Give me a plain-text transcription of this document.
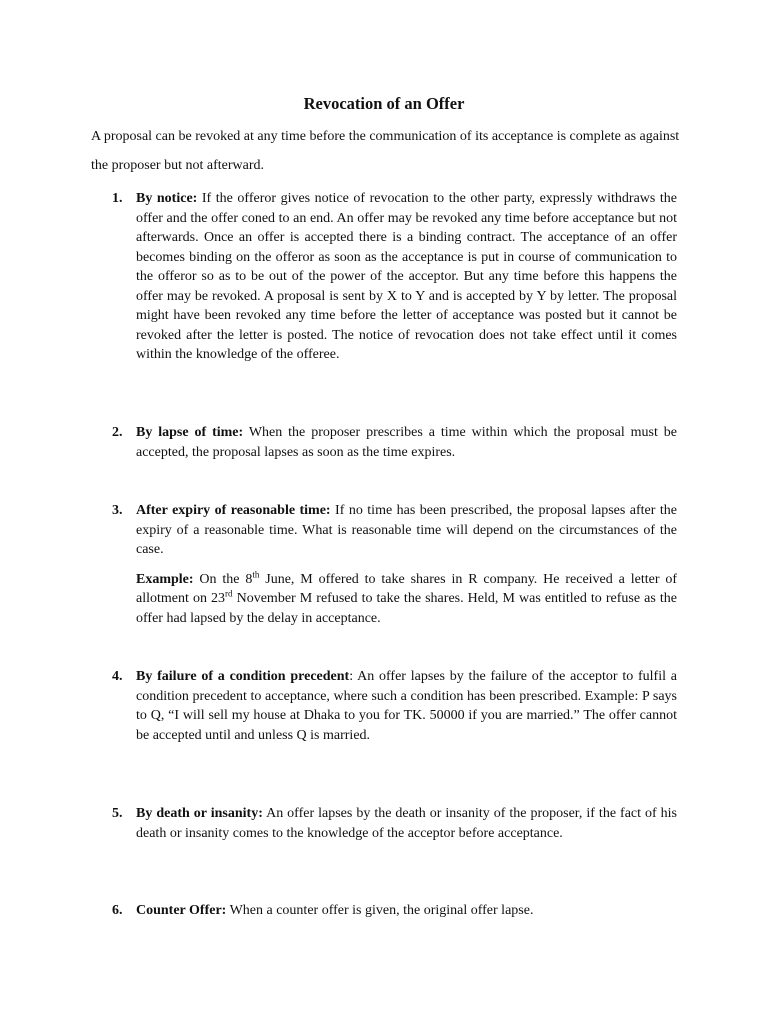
Revocation of an Offer

A proposal can be revoked at any time before the communication of its acceptance is complete as against the proposer but not afterward.

1. By notice: If the offeror gives notice of revocation to the other party, expressly withdraws the offer and the offer coned to an end. An offer may be revoked any time before acceptance but not afterwards. Once an offer is accepted there is a binding contract. The acceptance of an offer becomes binding on the offeror as soon as the acceptance is put in course of communication to the offeror so as to be out of the power of the acceptor. But any time before this happens the offer may be revoked. A proposal is sent by X to Y and is accepted by Y by letter. The proposal might have been revoked any time before the letter of acceptance was posted but it cannot be revoked after the letter is posted. The notice of revocation does not take effect until it comes within the knowledge of the offeree.

2. By lapse of time: When the proposer prescribes a time within which the proposal must be accepted, the proposal lapses as soon as the time expires.

3. After expiry of reasonable time: If no time has been prescribed, the proposal lapses after the expiry of a reasonable time. What is reasonable time will depend on the circumstances of the case.

Example: On the 8th June, M offered to take shares in R company. He received a letter of allotment on 23rd November M refused to take the shares. Held, M was entitled to refuse as the offer had lapsed by the delay in acceptance.

4. By failure of a condition precedent: An offer lapses by the failure of the acceptor to fulfil a condition precedent to acceptance, where such a condition has been prescribed. Example: P says to Q, “I will sell my house at Dhaka to you for TK. 50000 if you are married.” The offer cannot be accepted until and unless Q is married.

5. By death or insanity: An offer lapses by the death or insanity of the proposer, if the fact of his death or insanity comes to the knowledge of the acceptor before acceptance.

6. Counter Offer: When a counter offer is given, the original offer lapse.
